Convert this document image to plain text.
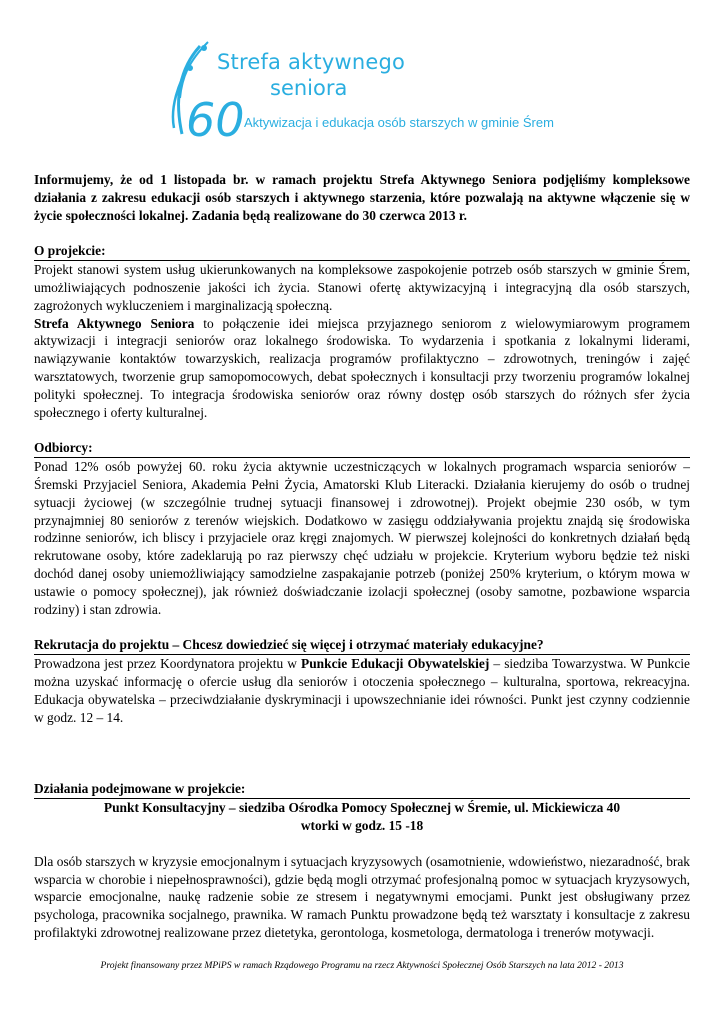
60

Strefa aktywnego

seniora

Aktywizacja i edukacja osób starszych w gminie Śrem

Informujemy, że od 1 listopada br. w ramach projektu Strefa Aktywnego Seniora podjęliśmy kompleksowe działania z zakresu edukacji osób starszych i aktywnego starzenia, które pozwalają na aktywne włączenie się w życie społeczności lokalnej. Zadania będą realizowane do 30 czerwca 2013 r.

O projekcie:

Projekt stanowi system usług ukierunkowanych na kompleksowe zaspokojenie potrzeb osób starszych w gminie Śrem, umożliwiających podnoszenie jakości ich życia. Stanowi ofertę aktywizacyjną i integracyjną dla osób starszych, zagrożonych wykluczeniem i marginalizacją społeczną.

Strefa Aktywnego Seniora to połączenie idei miejsca przyjaznego seniorom z wielowymiarowym programem aktywizacji i integracji seniorów oraz lokalnego środowiska. To wydarzenia i spotkania z lokalnymi liderami, nawiązywanie kontaktów towarzyskich, realizacja programów profilaktyczno – zdrowotnych, treningów i zajęć warsztatowych, tworzenie grup samopomocowych, debat społecznych i konsultacji przy tworzeniu programów lokalnej polityki społecznej. To integracja środowiska seniorów oraz równy dostęp osób starszych do różnych sfer życia społecznego i oferty kulturalnej.

Odbiorcy:

Ponad 12% osób powyżej 60. roku życia aktywnie uczestniczących w lokalnych programach wsparcia seniorów – Śremski Przyjaciel Seniora, Akademia Pełni Życia, Amatorski Klub Literacki. Działania kierujemy do osób o trudnej sytuacji życiowej (w szczególnie trudnej sytuacji finansowej i zdrowotnej). Projekt obejmie 230 osób, w tym przynajmniej 80 seniorów z terenów wiejskich. Dodatkowo w zasięgu oddziaływania projektu znajdą się środowiska rodzinne seniorów, ich bliscy i przyjaciele oraz kręgi znajomych. W pierwszej kolejności do konkretnych działań będą rekrutowane osoby, które zadeklarują po raz pierwszy chęć udziału w projekcie. Kryterium wyboru będzie też niski dochód danej osoby uniemożliwiający samodzielne zaspakajanie potrzeb (poniżej 250% kryterium, o którym mowa w ustawie o pomocy społecznej), jak również doświadczanie izolacji społecznej (osoby samotne, pozbawione wsparcia rodziny) i stan zdrowia.

Rekrutacja do projektu – Chcesz dowiedzieć się więcej i otrzymać materiały edukacyjne?

Prowadzona jest przez Koordynatora projektu w Punkcie Edukacji Obywatelskiej – siedziba Towarzystwa. W Punkcie można uzyskać informację o ofercie usług dla seniorów i otoczenia społecznego – kulturalna, sportowa, rekreacyjna. Edukacja obywatelska – przeciwdziałanie dyskryminacji i upowszechnianie idei równości. Punkt jest czynny codziennie w godz. 12 – 14.

Działania podejmowane w projekcie:

Punkt Konsultacyjny – siedziba Ośrodka Pomocy Społecznej w Śremie, ul. Mickiewicza 40

wtorki w godz. 15 -18

Dla osób starszych w kryzysie emocjonalnym i sytuacjach kryzysowych (osamotnienie, wdowieństwo, niezaradność, brak wsparcia w chorobie i niepełnosprawności), gdzie będą mogli otrzymać profesjonalną pomoc w sytuacjach kryzysowych, wsparcie emocjonalne, naukę radzenie sobie ze stresem i negatywnymi emocjami. Punkt jest obsługiwany przez psychologa, pracownika socjalnego, prawnika. W ramach Punktu prowadzone będą też warsztaty i konsultacje z zakresu profilaktyki zdrowotnej realizowane przez dietetyka, gerontologa, kosmetologa, dermatologa i trenerów motywacji.

Projekt finansowany przez MPiPS w ramach Rządowego Programu na rzecz Aktywności Społecznej Osób Starszych na lata 2012 - 2013
